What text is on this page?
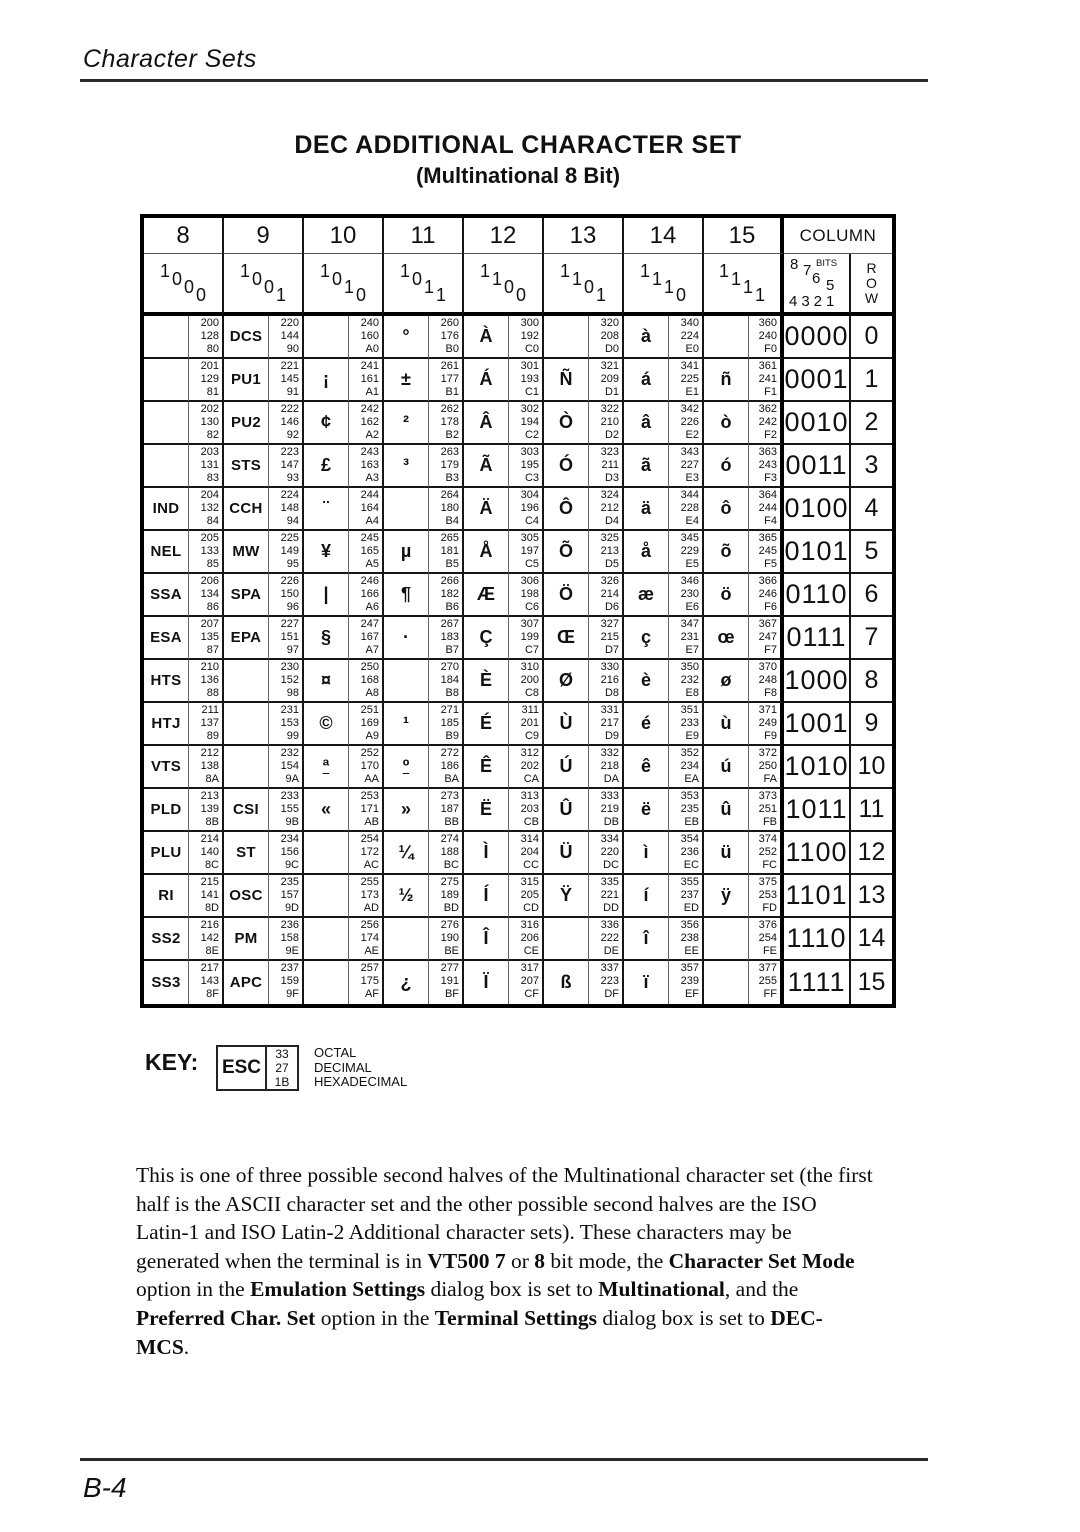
Character Sets
DEC ADDITIONAL CHARACTER SET
(Multinational 8 Bit)
8
1 0 0 0
200
128
80
201
129
81
202
130
82
203
131
83
IND
204
132
84
NEL
205
133
85
SSA
206
134
86
ESA
207
135
87
HTS
210
136
88
HTJ
211
137
89
VTS
212
138
8A
PLD
213
139
8B
PLU
214
140
8C
RI
215
141
8D
SS2
216
142
8E
SS3
217
143
8F
9
1 0 0 1
DCS
220
144
90
PU1
221
145
91
PU2
222
146
92
STS
223
147
93
CCH
224
148
94
MW
225
149
95
SPA
226
150
96
EPA
227
151
97
230
152
98
231
153
99
232
154
9A
CSI
233
155
9B
ST
234
156
9C
OSC
235
157
9D
PM
236
158
9E
APC
237
159
9F
10
1 0 1 0
240
160
A0
¡
241
161
A1
¢
242
162
A2
£
243
163
A3
¨
244
164
A4
¥
245
165
A5
|
246
166
A6
§
247
167
A7
¤
250
168
A8
©
251
169
A9
ª
252
170
AA
«
253
171
AB
254
172
AC
255
173
AD
256
174
AE
257
175
AF
11
1 0 1 1
°
260
176
B0
±
261
177
B1
²
262
178
B2
³
263
179
B3
264
180
B4
µ
265
181
B5
¶
266
182
B6
·
267
183
B7
270
184
B8
¹
271
185
B9
º
272
186
BA
»
273
187
BB
¼
274
188
BC
½
275
189
BD
276
190
BE
¿
277
191
BF
12
1 1 0 0
À
300
192
C0
Á
301
193
C1
Â
302
194
C2
Ã
303
195
C3
Ä
304
196
C4
Å
305
197
C5
Æ
306
198
C6
Ç
307
199
C7
È
310
200
C8
É
311
201
C9
Ê
312
202
CA
Ë
313
203
CB
Ì
314
204
CC
Í
315
205
CD
Î
316
206
CE
Ï
317
207
CF
13
1 1 0 1
320
208
D0
Ñ
321
209
D1
Ò
322
210
D2
Ó
323
211
D3
Ô
324
212
D4
Õ
325
213
D5
Ö
326
214
D6
Œ
327
215
D7
Ø
330
216
D8
Ù
331
217
D9
Ú
332
218
DA
Û
333
219
DB
Ü
334
220
DC
Ÿ
335
221
DD
336
222
DE
ß
337
223
DF
14
1 1 1 0
à
340
224
E0
á
341
225
E1
â
342
226
E2
ã
343
227
E3
ä
344
228
E4
å
345
229
E5
æ
346
230
E6
ç
347
231
E7
è
350
232
E8
é
351
233
E9
ê
352
234
EA
ë
353
235
EB
ì
354
236
EC
í
355
237
ED
î
356
238
EE
ï
357
239
EF
15
1 1 1 1
360
240
F0
ñ
361
241
F1
ò
362
242
F2
ó
363
243
F3
ô
364
244
F4
õ
365
245
F5
ö
366
246
F6
œ
367
247
F7
ø
370
248
F8
ù
371
249
F9
ú
372
250
FA
û
373
251
FB
ü
374
252
FC
ÿ
375
253
FD
376
254
FE
377
255
FF
COLUMN
8 7 BITS
6 5
4321
R
O
W
0000 0
0001 1
0010 2
0011 3
0100 4
0101 5
0110 6
0111 7
1000 8
1001 9
1010 10
1011 11
1100 12
1101 13
1110 14
1111 15
KEY:	ESC
33
27
1B
OCTAL
DECIMAL
HEXADECIMAL
This is one of three possible second halves of the Multinational character set (the first
half is the ASCII character set and the other possible second halves are the ISO
Latin-1 and ISO Latin-2 Additional character sets). These characters may be
generated when the terminal is in VT500 7 or 8 bit mode, the Character Set Mode
option in the Emulation Settings dialog box is set to Multinational, and the
Preferred Char. Set option in the Terminal Settings dialog box is set to DEC-
MCS.
B-4
